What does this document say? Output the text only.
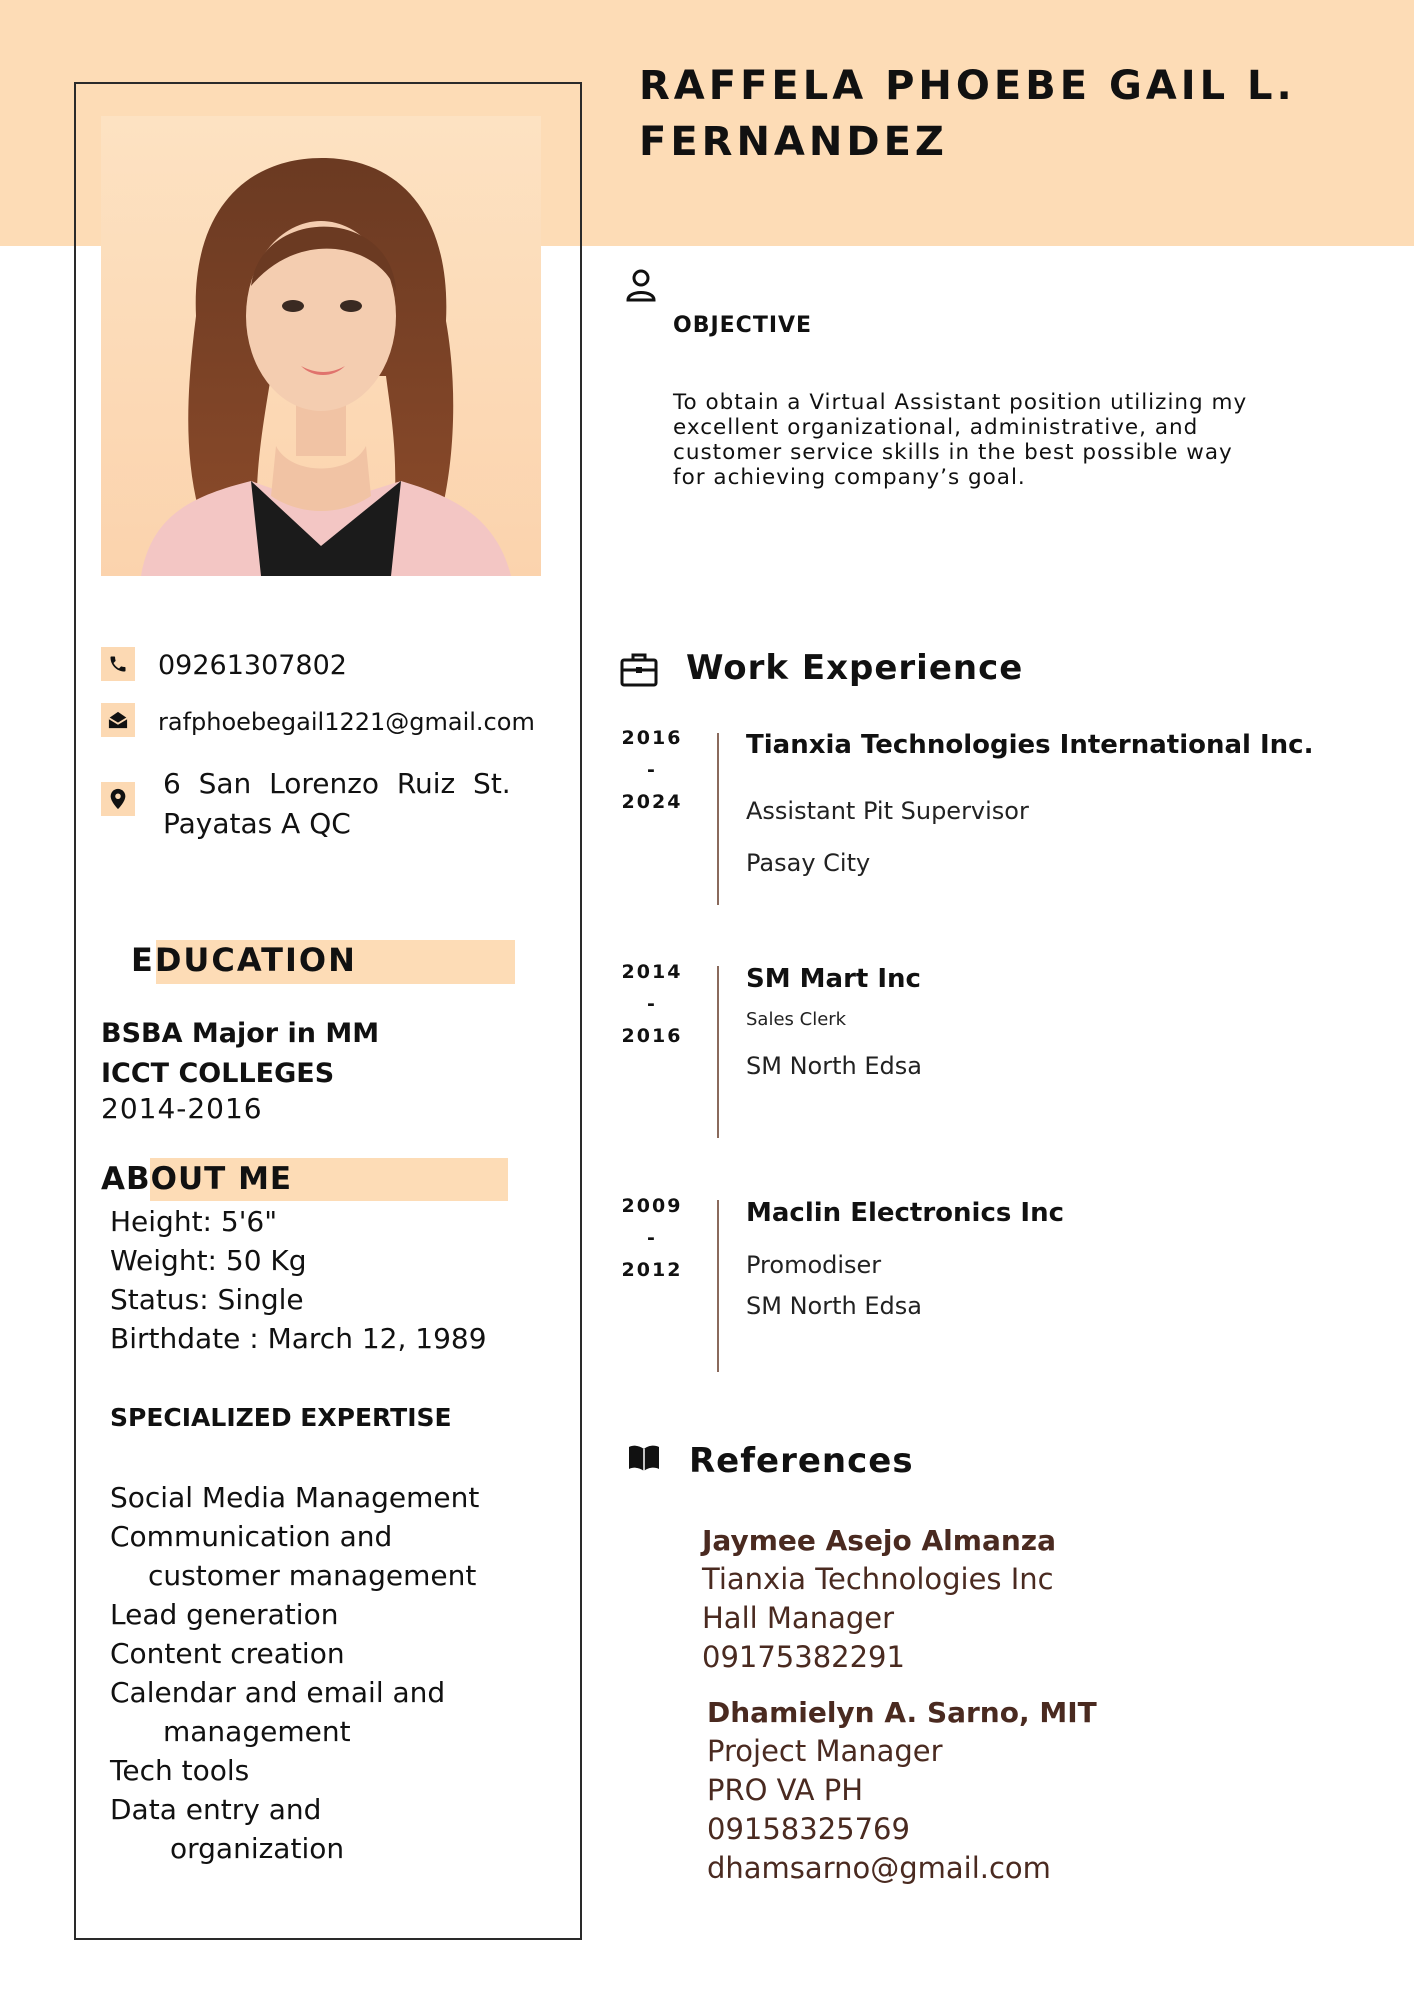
RAFFELA PHOEBE GAIL L.
FERNANDEZ
09261307802
rafphoebegail1221@gmail.com
6  San  Lorenzo  Ruiz  St.
Payatas A QC
EDUCATION
BSBA Major in MM
ICCT COLLEGES
2014-2016
ABOUT ME
Height: 5'6"
Weight: 50 Kg
Status: Single
Birthdate : March 12, 1989
SPECIALIZED EXPERTISE
Social Media Management
Communication and
customer management
Lead generation
Content creation
Calendar and email and
management
Tech tools
Data entry and
organization
OBJECTIVE
To obtain a Virtual Assistant position utilizing my excellent organizational, administrative, and customer service skills in the best possible way for achieving company’s goal.
Work Experience
2016
-
2024
Tianxia Technologies International Inc.
Assistant Pit Supervisor
Pasay City
2014
-
2016
SM Mart Inc
Sales Clerk
SM North Edsa
2009
-
2012
Maclin Electronics Inc
Promodiser
SM North Edsa
References
Jaymee Asejo Almanza
Tianxia Technologies Inc
Hall Manager
09175382291
Dhamielyn A. Sarno, MIT
Project Manager
PRO VA PH
09158325769
dhamsarno@gmail.com
